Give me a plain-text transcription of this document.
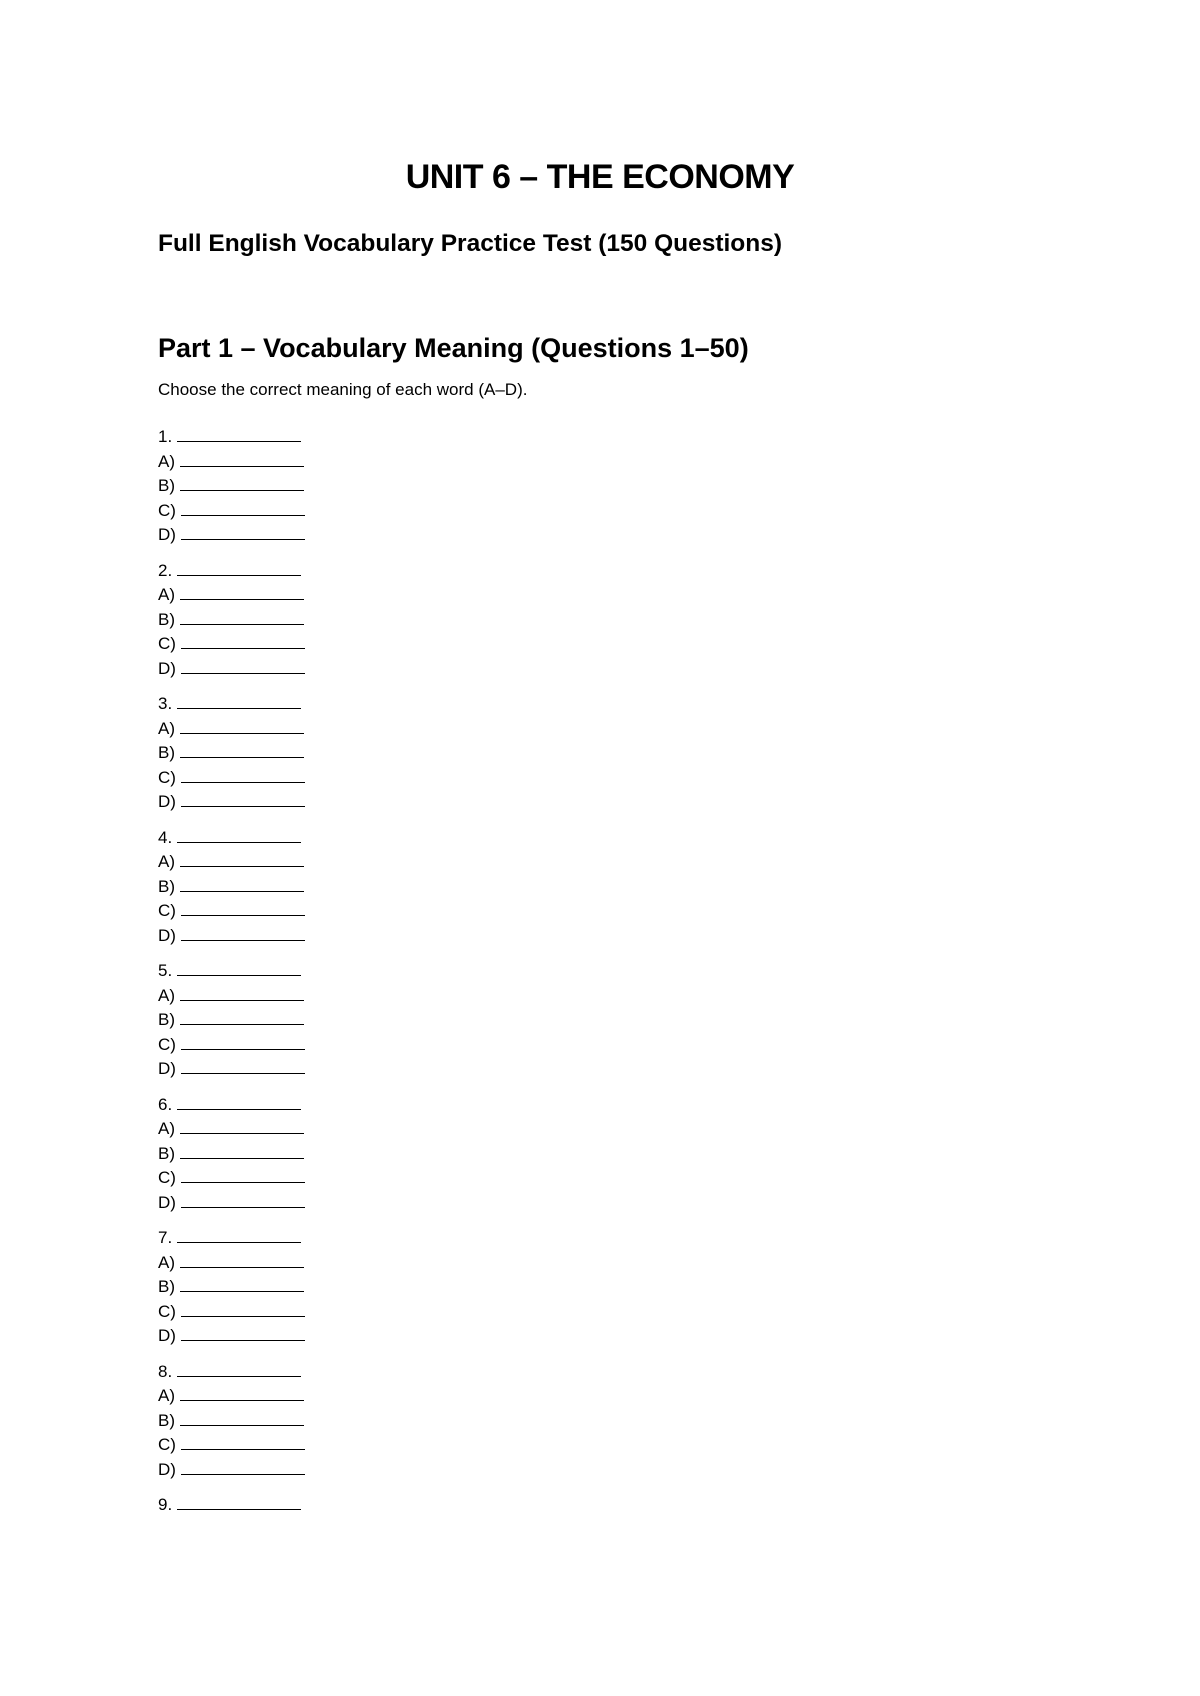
UNIT 6 – THE ECONOMY
Full English Vocabulary Practice Test (150 Questions)
Part 1 – Vocabulary Meaning (Questions 1–50)

Choose the correct meaning of each word (A–D).

1.
A)
B)
C)
D)
2.
A)
B)
C)
D)
3.
A)
B)
C)
D)
4.
A)
B)
C)
D)
5.
A)
B)
C)
D)
6.
A)
B)
C)
D)
7.
A)
B)
C)
D)
8.
A)
B)
C)
D)
9.
